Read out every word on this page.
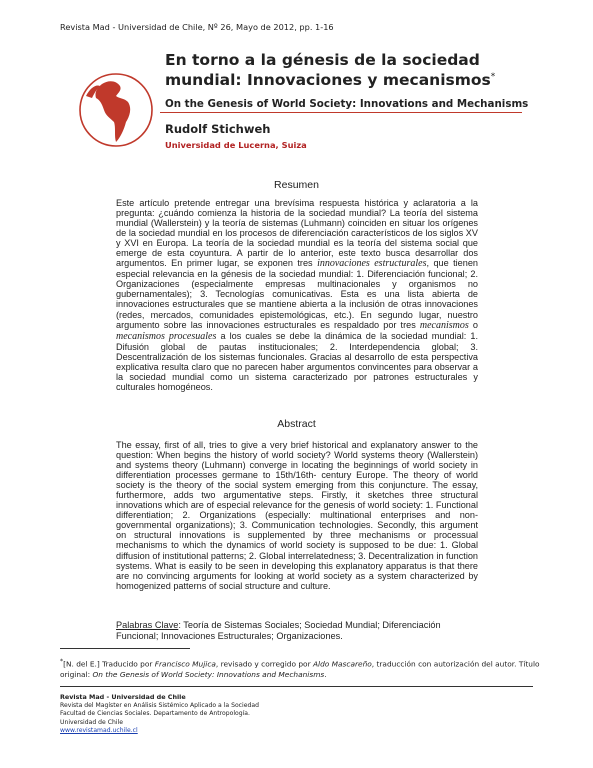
Revista Mad - Universidad de Chile, Nº 26, Mayo de 2012, pp. 1-16
En torno a la génesis de la sociedad mundial: Innovaciones y mecanismos*
On the Genesis of World Society: Innovations and Mechanisms
Rudolf Stichweh
Universidad de Lucerna, Suiza
Resumen
Este artículo pretende entregar una brevísima respuesta histórica y aclaratoria a la pregunta: ¿cuándo comienza la historia de la sociedad mundial? La teoría del sistema mundial (Wallerstein) y la teoría de sistemas (Luhmann) coinciden en situar los orígenes de la sociedad mundial en los procesos de diferenciación característicos de los siglos XV y XVI en Europa. La teoría de la sociedad mundial es la teoría del sistema social que emerge de esta coyuntura. A partir de lo anterior, este texto busca desarrollar dos argumentos. En primer lugar, se exponen tres innovaciones estructurales, que tienen especial relevancia en la génesis de la sociedad mundial: 1. Diferenciación funcional; 2. Organizaciones (especialmente empresas multinacionales y organismos no gubernamentales); 3. Tecnologías comunicativas. Esta es una lista abierta de innovaciones estructurales que se mantiene abierta a la inclusión de otras innovaciones (redes, mercados, comunidades epistemológicas, etc.). En segundo lugar, nuestro argumento sobre las innovaciones estructurales es respaldado por tres mecanismos o mecanismos procesuales a los cuales se debe la dinámica de la sociedad mundial: 1. Difusión global de pautas institucionales; 2. Interdependencia global; 3. Descentralización de los sistemas funcionales. Gracias al desarrollo de esta perspectiva explicativa resulta claro que no parecen haber argumentos convincentes para observar a la sociedad mundial como un sistema caracterizado por patrones estructurales y culturales homogéneos.
Abstract
The essay, first of all, tries to give a very brief historical and explanatory answer to the question: When begins the history of world society? World systems theory (Wallerstein) and systems theory (Luhmann) converge in locating the beginnings of world society in differentiation processes germane to 15th/16th- century Europe. The theory of world society is the theory of the social system emerging from this conjuncture. The essay, furthermore, adds two argumentative steps. Firstly, it sketches three structural innovations which are of especial relevance for the genesis of world society: 1. Functional differentiation; 2. Organizations (especially: multinational enterprises and non- governmental organizations); 3. Communication technologies. Secondly, this argument on structural innovations is supplemented by three mechanisms or processual mechanisms to which the dynamics of world society is supposed to be due: 1. Global diffusion of institutional patterns; 2. Global interrelatedness; 3. Decentralization in function systems. What is easily to be seen in developing this explanatory apparatus is that there are no convincing arguments for looking at world society as a system characterized by homogenized patterns of social structure and culture.
Palabras Clave: Teoría de Sistemas Sociales; Sociedad Mundial; Diferenciación Funcional; Innovaciones Estructurales; Organizaciones.
*[N. del E.] Traducido por Francisco Mujica, revisado y corregido por Aldo Mascareño, traducción con autorización del autor. Título original: On the Genesis of World Society: Innovations and Mechanisms.
Revista Mad - Universidad de Chile
Revista del Magíster en Análisis Sistémico Aplicado a la Sociedad
Facultad de Ciencias Sociales. Departamento de Antropología.
Universidad de Chile
www.revistamad.uchile.cl
